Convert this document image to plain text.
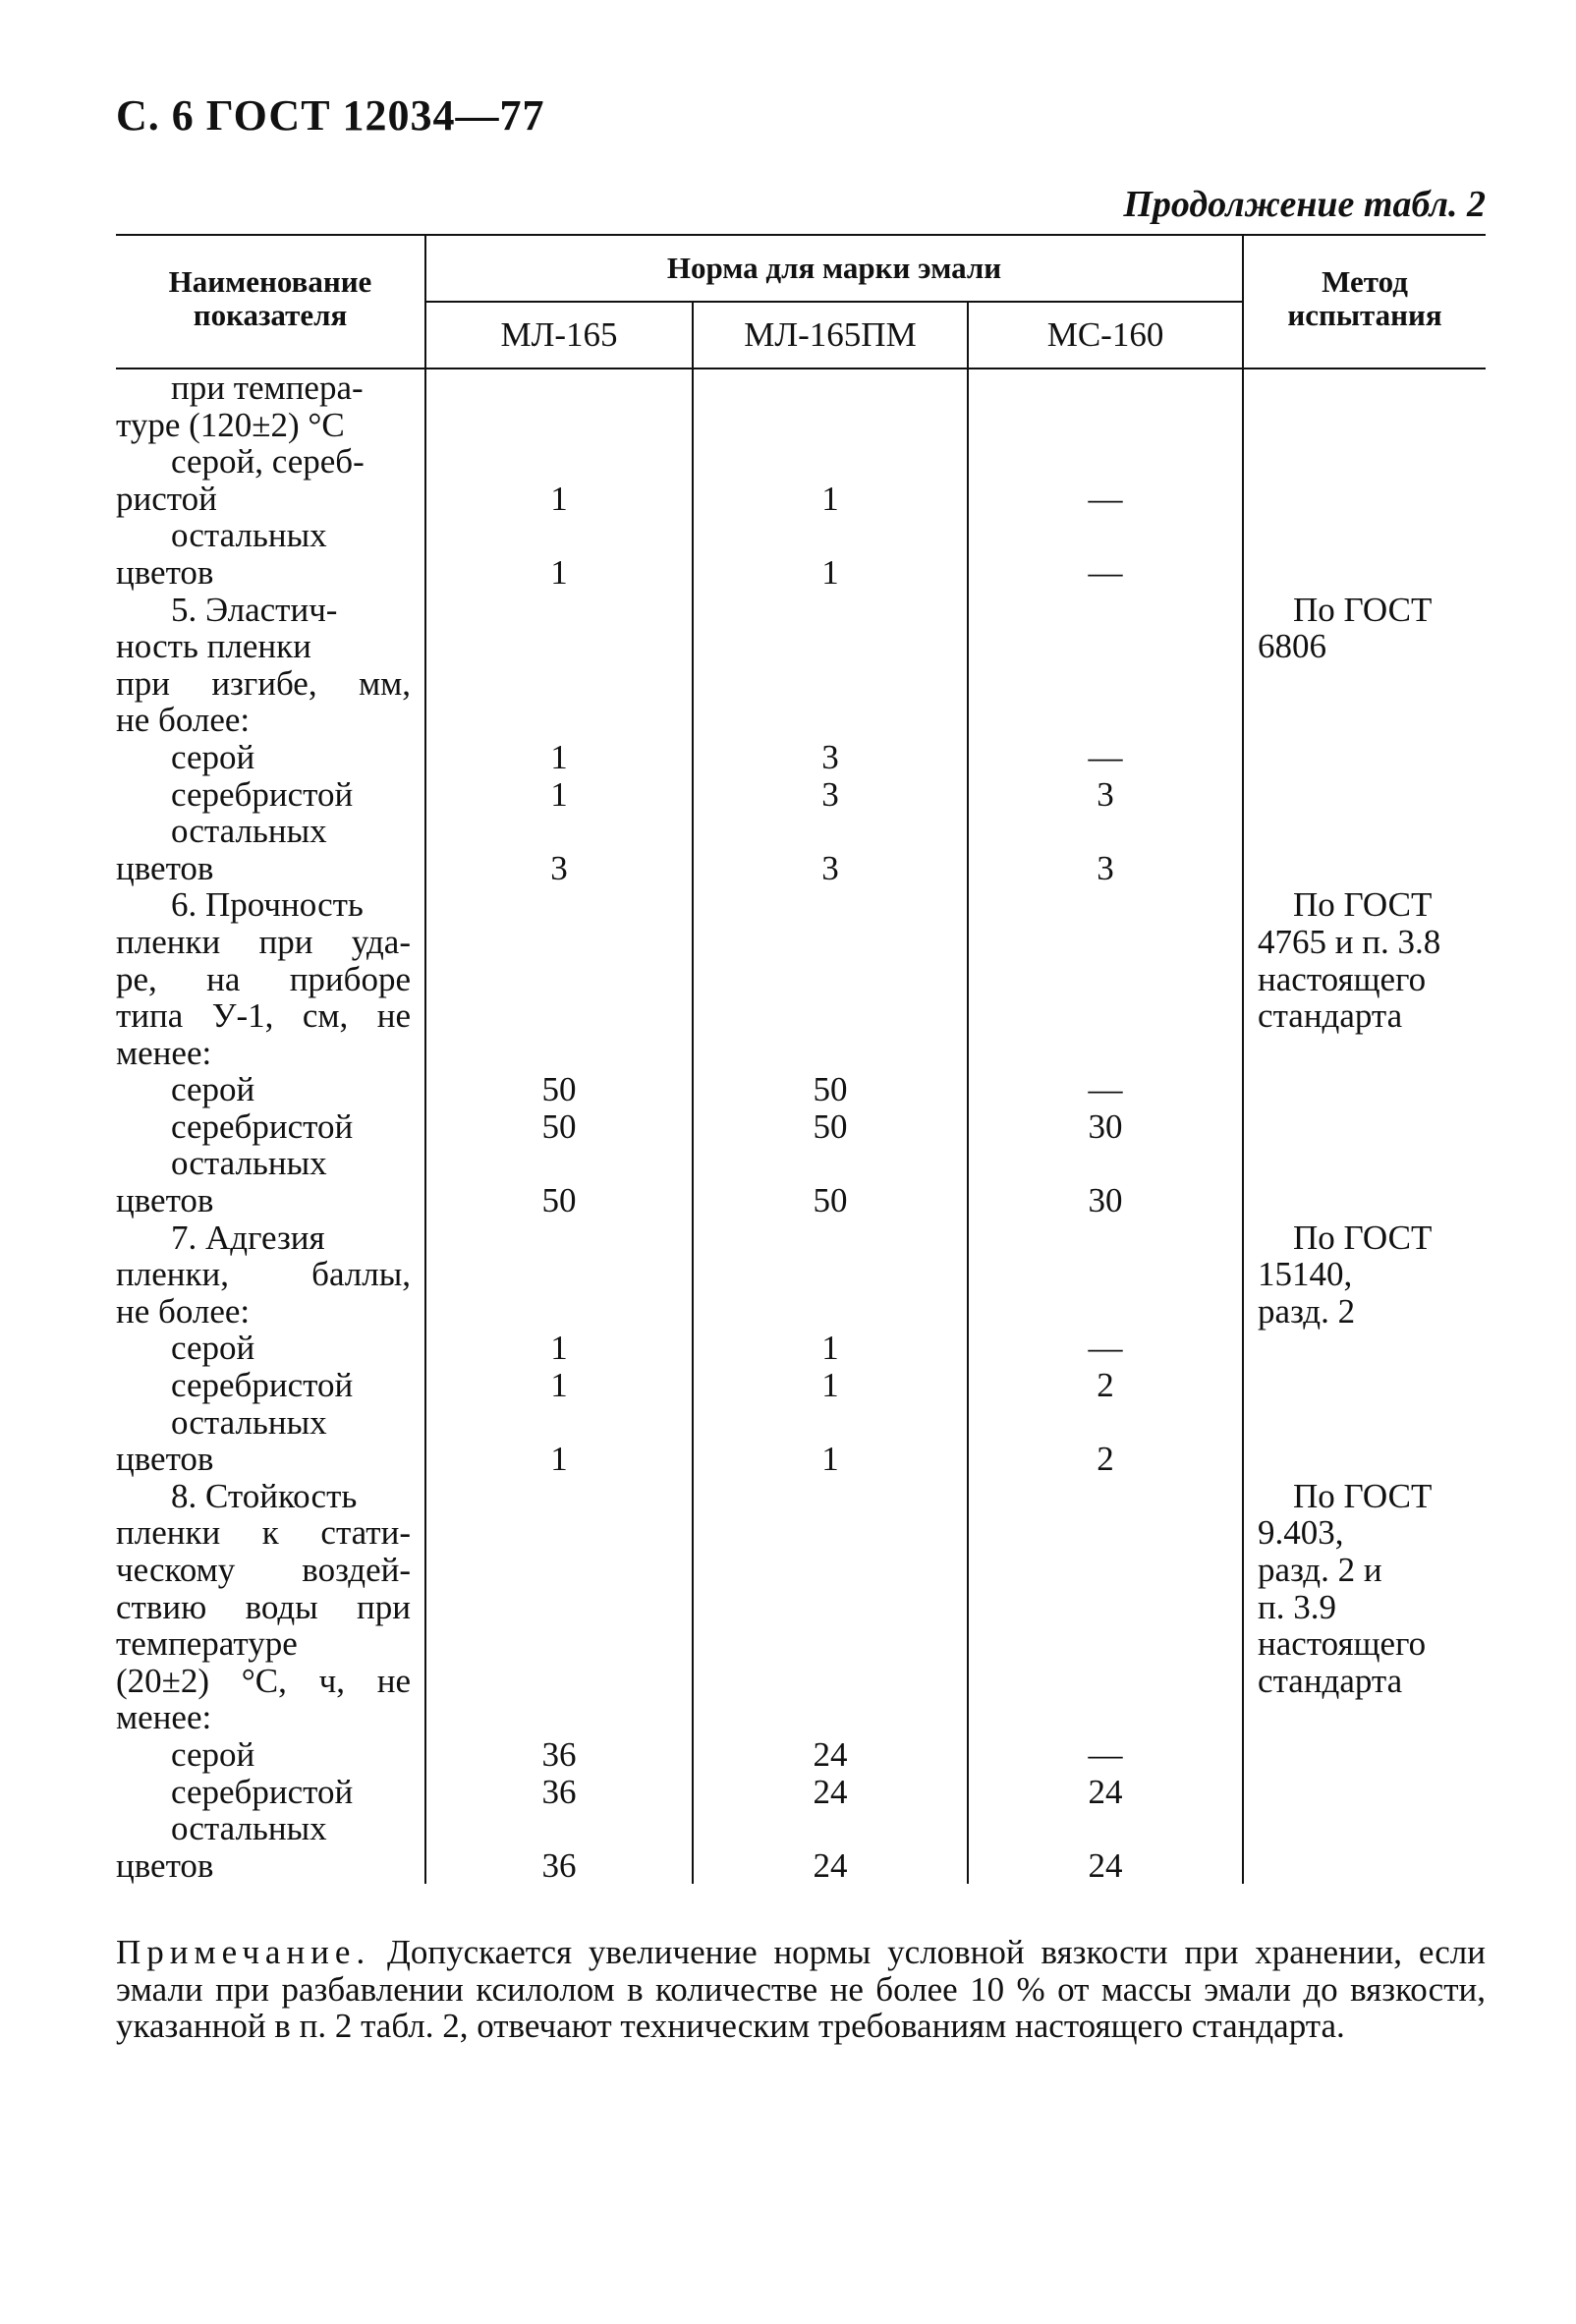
С. 6 ГОСТ 12034—77
Продолжение табл. 2
Наименование показателя	Норма для марки эмали			Метод испытания
	МЛ-165	МЛ-165ПМ	МС-160	
при темпера-				
туре (120±2) °С				
серой, сереб-				
ристой	1	1	—	
остальных				
цветов	1	1	—	
5. Эластич-				По ГОСТ

ность пленки				6806
при изгибе, мм,				
не более:				
серой	1	3	—	
серебристой	1	3	3	
остальных				
цветов	3	3	3	
6. Прочность				По ГОСТ

пленки при уда-				4765 и п. 3.8
ре, на приборе				настоящего
типа У-1, см, не				стандарта
менее:				
серой	50	50	—	
серебристой	50	50	30	
остальных				
цветов	50	50	30	
7. Адгезия				По ГОСТ

пленки, баллы,				15140,
не более:				разд. 2
серой	1	1	—	
серебристой	1	1	2	
остальных				
цветов	1	1	2	
8. Стойкость				По ГОСТ

пленки к стати-				9.403,
ческому воздей-				разд. 2 и
ствию воды при				п. 3.9
температуре				настоящего
(20±2) °С, ч, не				стандарта
менее:				
серой	36	24	—	
серебристой	36	24	24	
остальных				
цветов	36	24	24	
Примечание. Допускается увеличение нормы условной вязкости при хранении, если эмали при разбавлении ксилолом в количестве не более 10 % от массы эмали до вязкости, указанной в п. 2 табл. 2, отвечают техническим требованиям настоящего стандарта.
